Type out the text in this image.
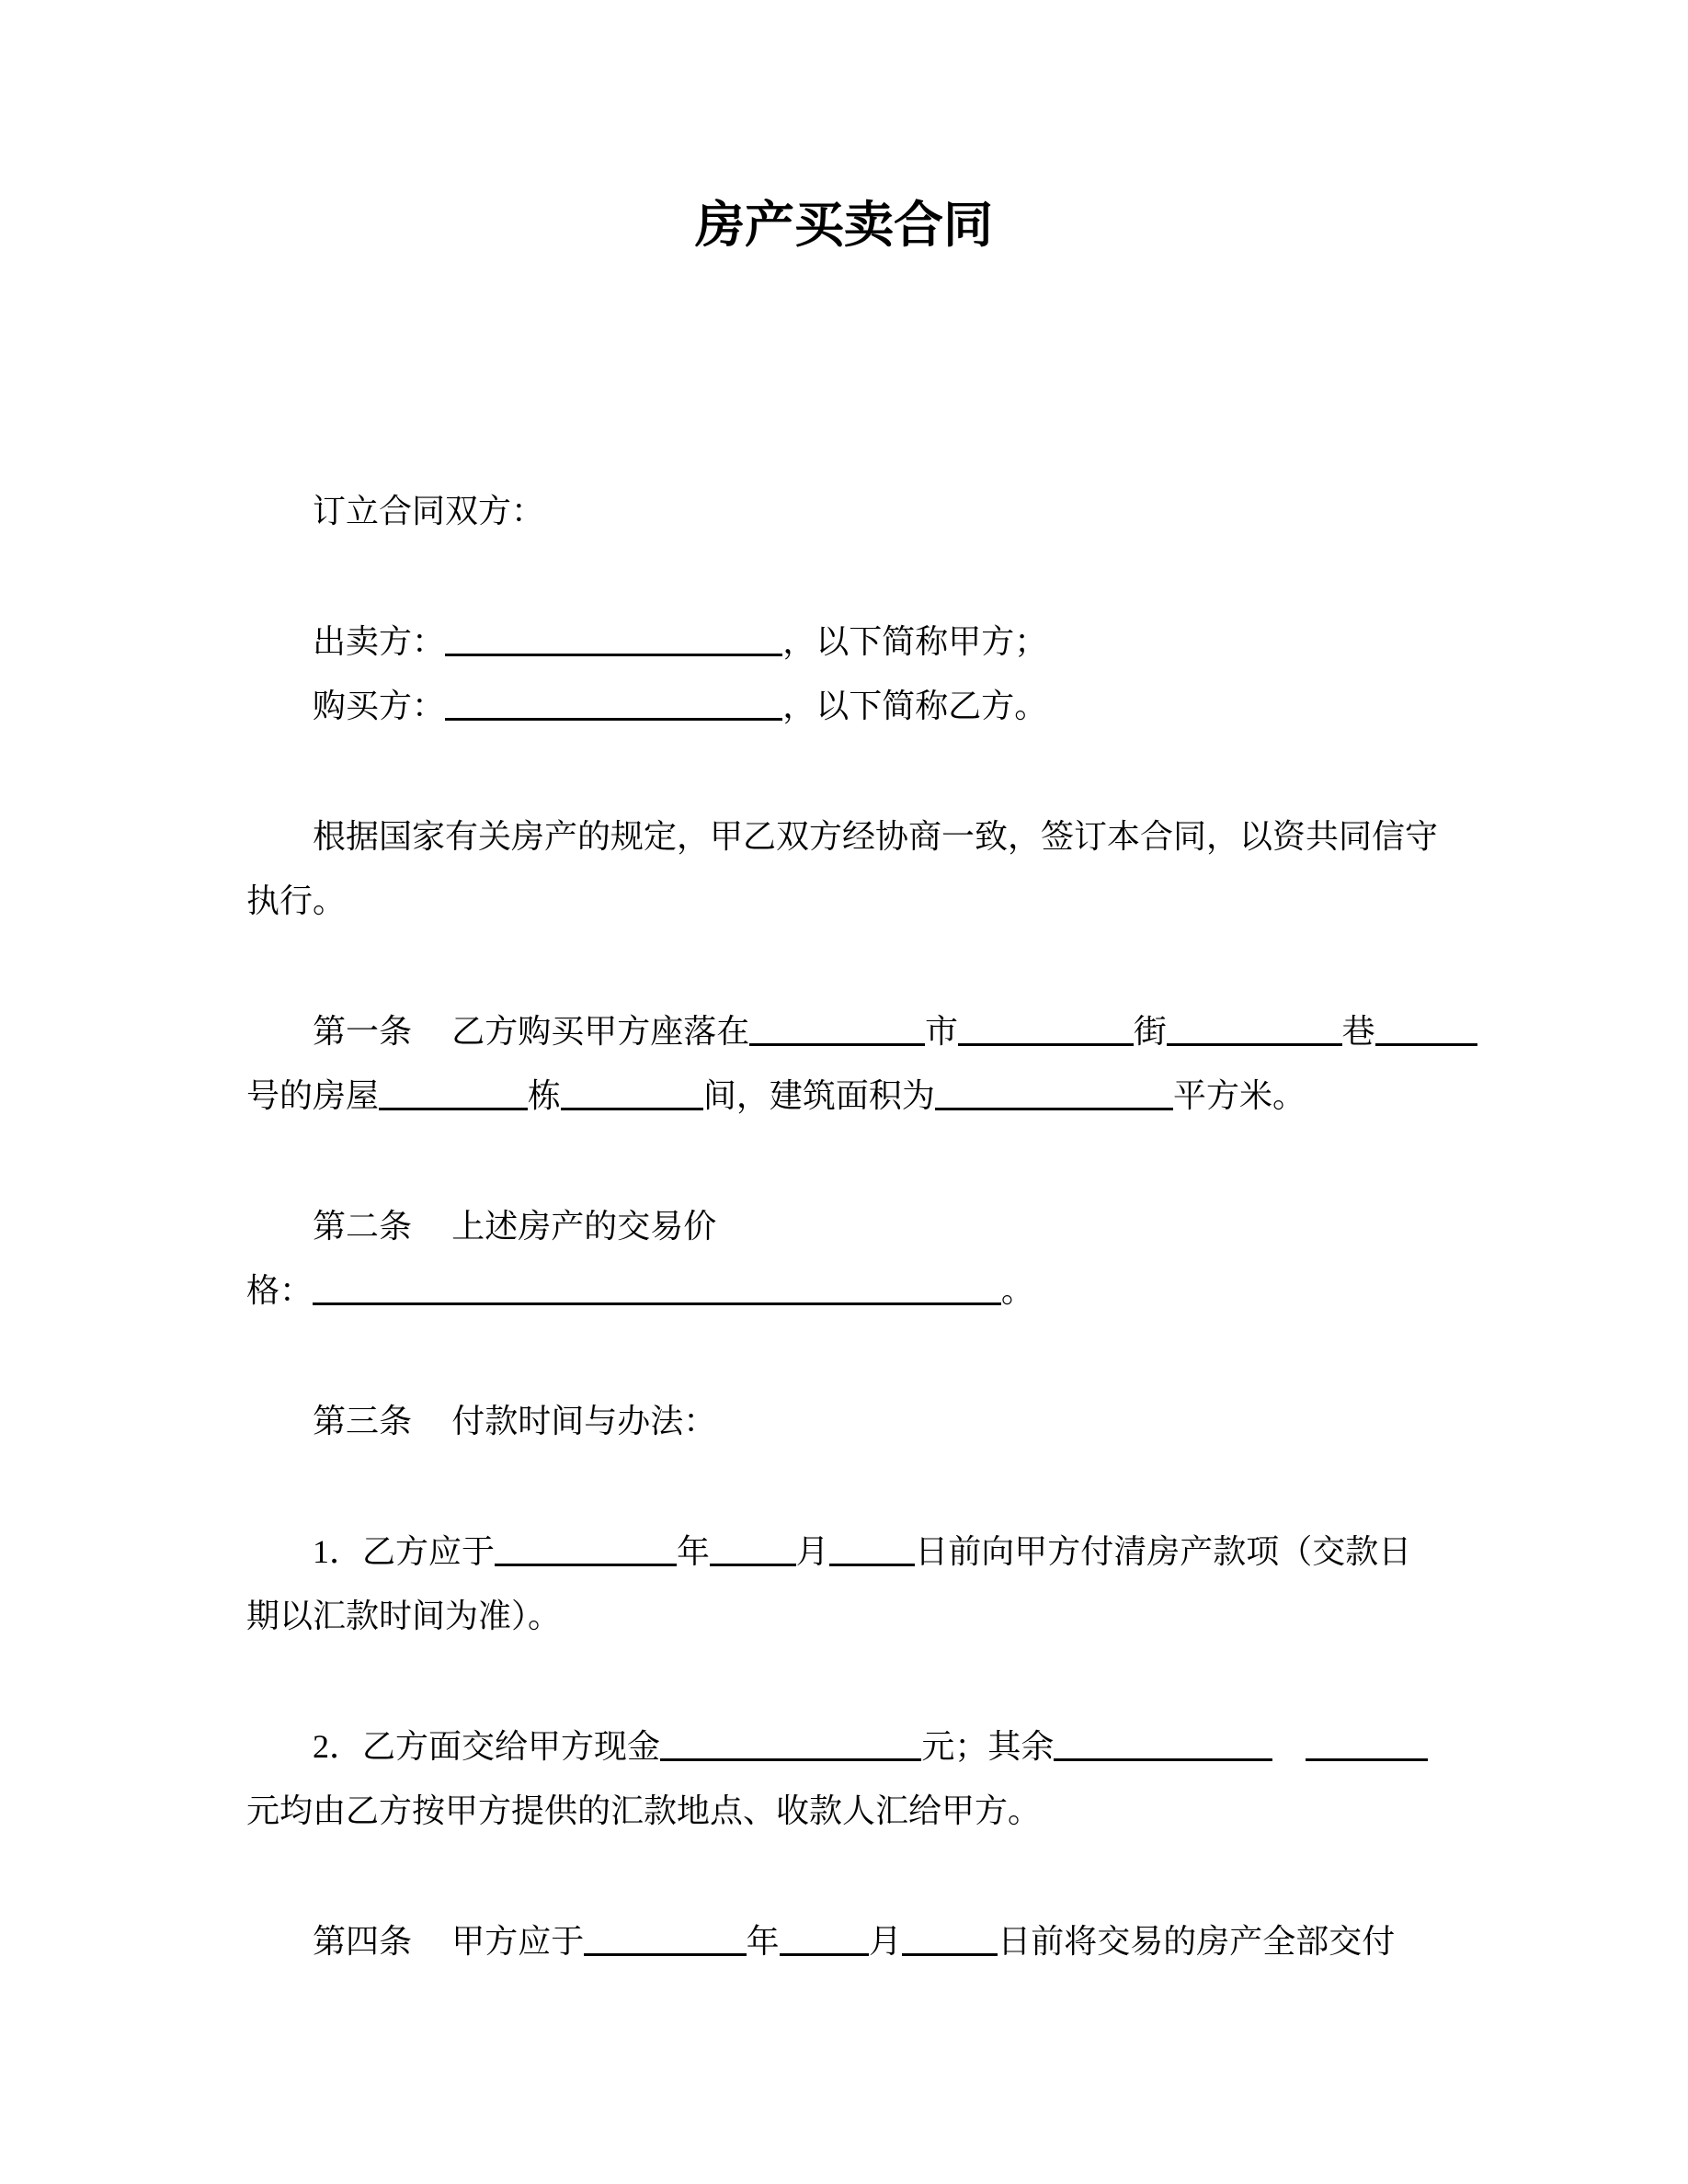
房产买卖合同
订立合同双方：
出卖方：	，以下简称甲方；
购买方：	，以下简称乙方。
根据国家有关房产的规定，甲乙双方经协商一致，签订本合同，以资共同信守
执行。
第一条 乙方购买甲方座落在	市	街	巷
号的房屋	栋	间，建筑面积为	平方米。
第二条 上述房产的交易价
格：	。
第三条 付款时间与办法：
1．乙方应于	年	月	日前向甲方付清房产款项（交款日
期以汇款时间为准）。
2．乙方面交给甲方现金	元；其余
元均由乙方按甲方提供的汇款地点、收款人汇给甲方。
第四条 甲方应于	年	月	日前将交易的房产全部交付
